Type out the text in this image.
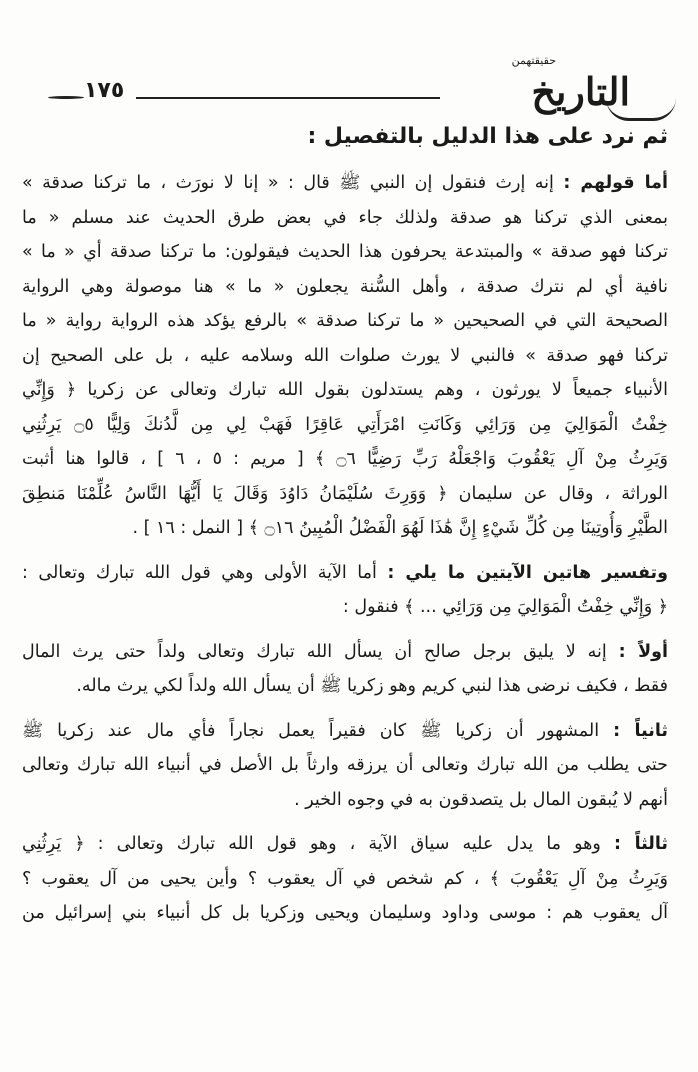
حقيقتهمن
التاريخ
١٧٥
ثم نرد على هذا الدليل بالتفصيل :
أما قولهم : إنه إرث فنقول إن النبي ﷺ قال : « إنا لا نورَث ، ما تركنا صدقة »
بمعنى الذي تركنا هو صدقة ولذلك جاء في بعض طرق الحديث عند مسلم « ما
تركنا فهو صدقة » والمبتدعة يحرفون هذا الحديث فيقولون: ما تركنا صدقة أي « ما »
نافية أي لم نترك صدقة ، وأهل السُّنة يجعلون « ما » هنا موصولة وهي الرواية
الصحيحة التي في الصحيحين « ما تركنا صدقة » بالرفع يؤكد هذه الرواية رواية « ما
تركنا فهو صدقة » فالنبي لا يورث صلوات الله وسلامه عليه ، بل على الصحيح إن
الأنبياء جميعاً لا يورثون ، وهم يستدلون بقول الله تبارك وتعالى عن زكريا ﴿ وَإِنِّي
خِفْتُ الْمَوَالِيَ مِن وَرَائِي وَكَانَتِ امْرَأَتِي عَاقِرًا فَهَبْ لِي مِن لَّدُنكَ وَلِيًّا ۝٥ يَرِثُنِي
وَيَرِثُ مِنْ آلِ يَعْقُوبَ وَاجْعَلْهُ رَبِّ رَضِيًّا ۝٦ ﴾ [ مريم : ٥ ، ٦ ] ، قالوا هنا أثبت
الوراثة ، وقال عن سليمان ﴿ وَوَرِثَ سُلَيْمَانُ دَاوُدَ وَقَالَ يَا أَيُّهَا النَّاسُ عُلِّمْنَا مَنطِقَ
الطَّيْرِ وَأُوتِينَا مِن كُلِّ شَيْءٍ إِنَّ هَٰذَا لَهُوَ الْفَضْلُ الْمُبِينُ ۝١٦ ﴾ [ النمل : ١٦ ] .
وتفسير هاتين الآيتين ما يلي : أما الآية الأولى وهي قول الله تبارك وتعالى :
﴿ وَإِنِّي خِفْتُ الْمَوَالِيَ مِن وَرَائِي ... ﴾ فنقول :
أولاً : إنه لا يليق برجل صالح أن يسأل الله تبارك وتعالى ولداً حتى يرث المال
فقط ، فكيف نرضى هذا لنبي كريم وهو زكريا ﷺ أن يسأل الله ولداً لكي يرث ماله.
ثانياً : المشهور أن زكريا ﷺ كان فقيراً يعمل نجاراً فأي مال عند زكريا ﷺ
حتى يطلب من الله تبارك وتعالى أن يرزقه وارثاً بل الأصل في أنبياء الله تبارك وتعالى
أنهم لا يُبقون المال بل يتصدقون به في وجوه الخير .
ثالثاً : وهو ما يدل عليه سياق الآية ، وهو قول الله تبارك وتعالى : ﴿ يَرِثُنِي
وَيَرِثُ مِنْ آلِ يَعْقُوبَ ﴾ ، كم شخص في آل يعقوب ؟ وأين يحيى من آل يعقوب ؟
آل يعقوب هم : موسى وداود وسليمان ويحيى وزكريا بل كل أنبياء بني إسرائيل من
